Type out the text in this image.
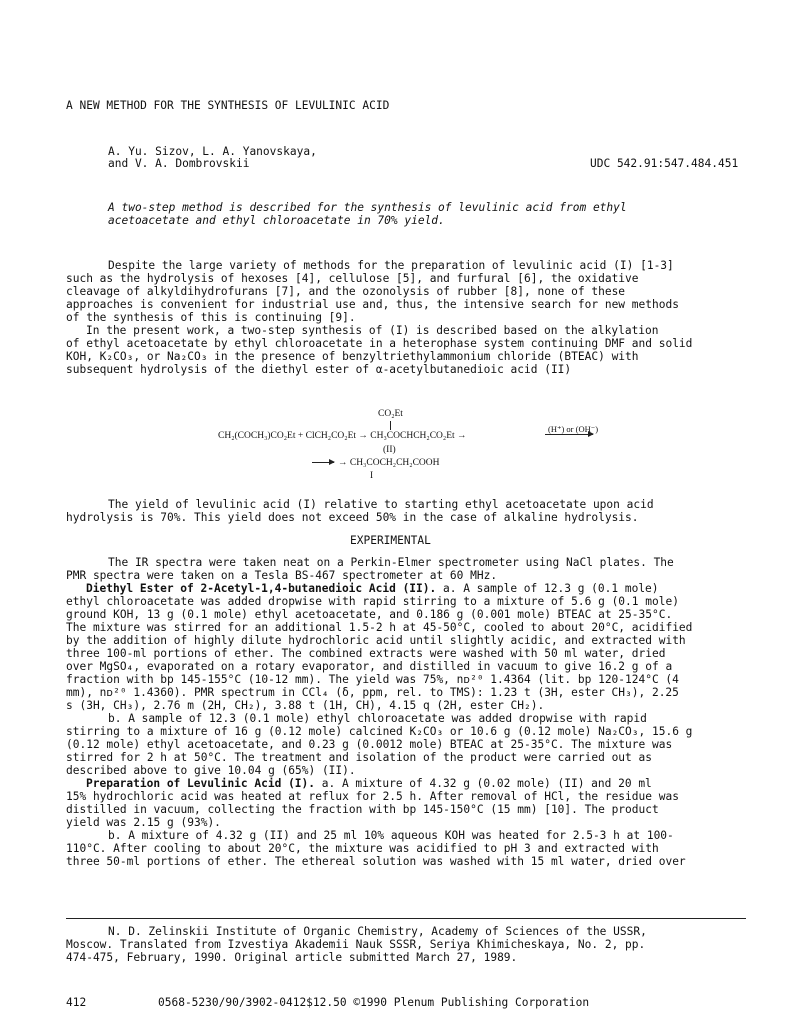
A NEW METHOD FOR THE SYNTHESIS OF LEVULINIC ACID
A. Yu. Sizov, L. A. Yanovskaya,
and V. A. Dombrovskii	UDC 542.91:547.484.451
A two-step method is described for the synthesis of levulinic acid from ethyl
acetoacetate and ethyl chloroacetate in 70% yield.
Despite the large variety of methods for the preparation of levulinic acid (I) [1-3]
such as the hydrolysis of hexoses [4], cellulose [5], and furfural [6], the oxidative
cleavage of alkyldihydrofurans [7], and the ozonolysis of rubber [8], none of these
approaches is convenient for industrial use and, thus, the intensive search for new methods
of the synthesis of this is continuing [9].
In the present work, a two-step synthesis of (I) is described based on the alkylation
of ethyl acetoacetate by ethyl chloroacetate in a heterophase system continuing DMF and solid
KOH, K₂CO₃, or Na₂CO₃ in the presence of benzyltriethylammonium chloride (BTEAC) with
subsequent hydrolysis of the diethyl ester of α-acetylbutanedioic acid (II)
CO₂Et
CH₂(COCH₃)CO₂Et + ClCH₂CO₂Et → CH₃COCHCH₂CO₂Et →
(H⁺) or (OH⁻)
(II)
→ CH₃COCH₂CH₂COOH
I
The yield of levulinic acid (I) relative to starting ethyl acetoacetate upon acid
hydrolysis is 70%. This yield does not exceed 50% in the case of alkaline hydrolysis.
EXPERIMENTAL
The IR spectra were taken neat on a Perkin-Elmer spectrometer using NaCl plates. The
PMR spectra were taken on a Tesla BS-467 spectrometer at 60 MHz.
Diethyl Ester of 2-Acetyl-1,4-butanedioic Acid (II). a. A sample of 12.3 g (0.1 mole)
ethyl chloroacetate was added dropwise with rapid stirring to a mixture of 5.6 g (0.1 mole)
ground KOH, 13 g (0.1 mole) ethyl acetoacetate, and 0.186 g (0.001 mole) BTEAC at 25-35°C.
The mixture was stirred for an additional 1.5-2 h at 45-50°C, cooled to about 20°C, acidified
by the addition of highly dilute hydrochloric acid until slightly acidic, and extracted with
three 100-ml portions of ether. The combined extracts were washed with 50 ml water, dried
over MgSO₄, evaporated on a rotary evaporator, and distilled in vacuum to give 16.2 g of a
fraction with bp 145-155°C (10-12 mm). The yield was 75%, nᴅ²⁰ 1.4364 (lit. bp 120-124°C (4
mm), nᴅ²⁰ 1.4360). PMR spectrum in CCl₄ (δ, ppm, rel. to TMS): 1.23 t (3H, ester CH₃), 2.25
s (3H, CH₃), 2.76 m (2H, CH₂), 3.88 t (1H, CH), 4.15 q (2H, ester CH₂).
b. A sample of 12.3 (0.1 mole) ethyl chloroacetate was added dropwise with rapid
stirring to a mixture of 16 g (0.12 mole) calcined K₂CO₃ or 10.6 g (0.12 mole) Na₂CO₃, 15.6 g
(0.12 mole) ethyl acetoacetate, and 0.23 g (0.0012 mole) BTEAC at 25-35°C. The mixture was
stirred for 2 h at 50°C. The treatment and isolation of the product were carried out as
described above to give 10.04 g (65%) (II).
Preparation of Levulinic Acid (I). a. A mixture of 4.32 g (0.02 mole) (II) and 20 ml
15% hydrochloric acid was heated at reflux for 2.5 h. After removal of HCl, the residue was
distilled in vacuum, collecting the fraction with bp 145-150°C (15 mm) [10]. The product
yield was 2.15 g (93%).
b. A mixture of 4.32 g (II) and 25 ml 10% aqueous KOH was heated for 2.5-3 h at 100-
110°C. After cooling to about 20°C, the mixture was acidified to pH 3 and extracted with
three 50-ml portions of ether. The ethereal solution was washed with 15 ml water, dried over
N. D. Zelinskii Institute of Organic Chemistry, Academy of Sciences of the USSR,
Moscow. Translated from Izvestiya Akademii Nauk SSSR, Seriya Khimicheskaya, No. 2, pp.
474-475, February, 1990. Original article submitted March 27, 1989.
412	0568-5230/90/3902-0412$12.50 ©1990 Plenum Publishing Corporation
